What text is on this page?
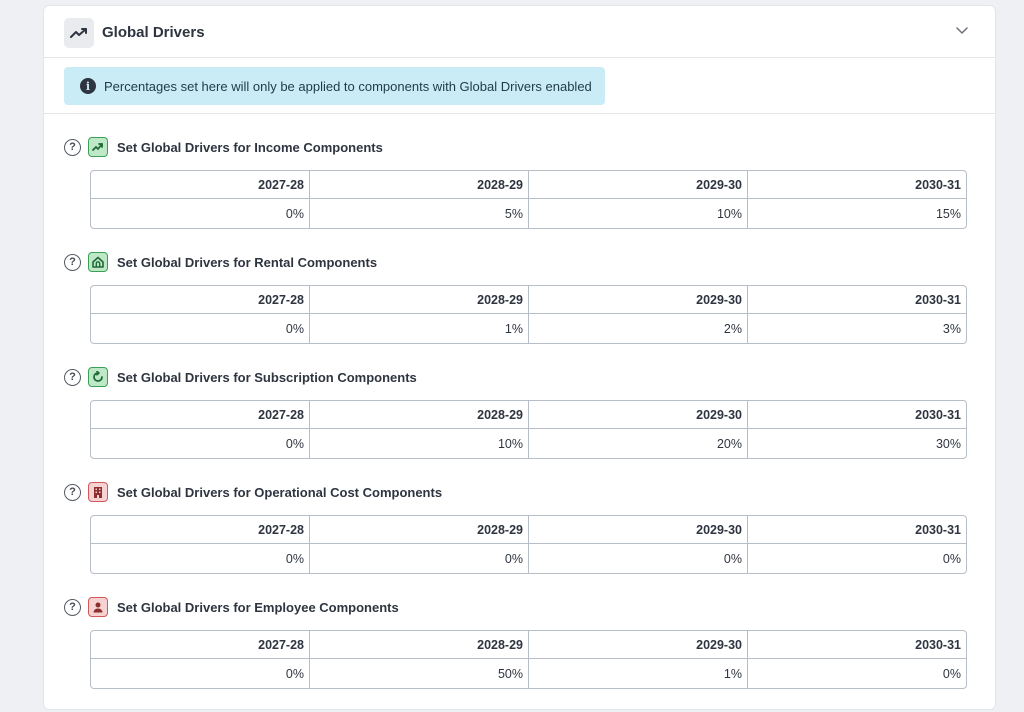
Global Drivers
i	Percentages set here will only be applied to components with Global Drivers enabled
?	Set Global Drivers for Income Components
2027-28	2028-29	2029-30	2030-31
0%	5%	10%	15%
?	Set Global Drivers for Rental Components
2027-28	2028-29	2029-30	2030-31
0%	1%	2%	3%
?	Set Global Drivers for Subscription Components
2027-28	2028-29	2029-30	2030-31
0%	10%	20%	30%
?	Set Global Drivers for Operational Cost Components
2027-28	2028-29	2029-30	2030-31
0%	0%	0%	0%
?	Set Global Drivers for Employee Components
2027-28	2028-29	2029-30	2030-31
0%	50%	1%	0%
